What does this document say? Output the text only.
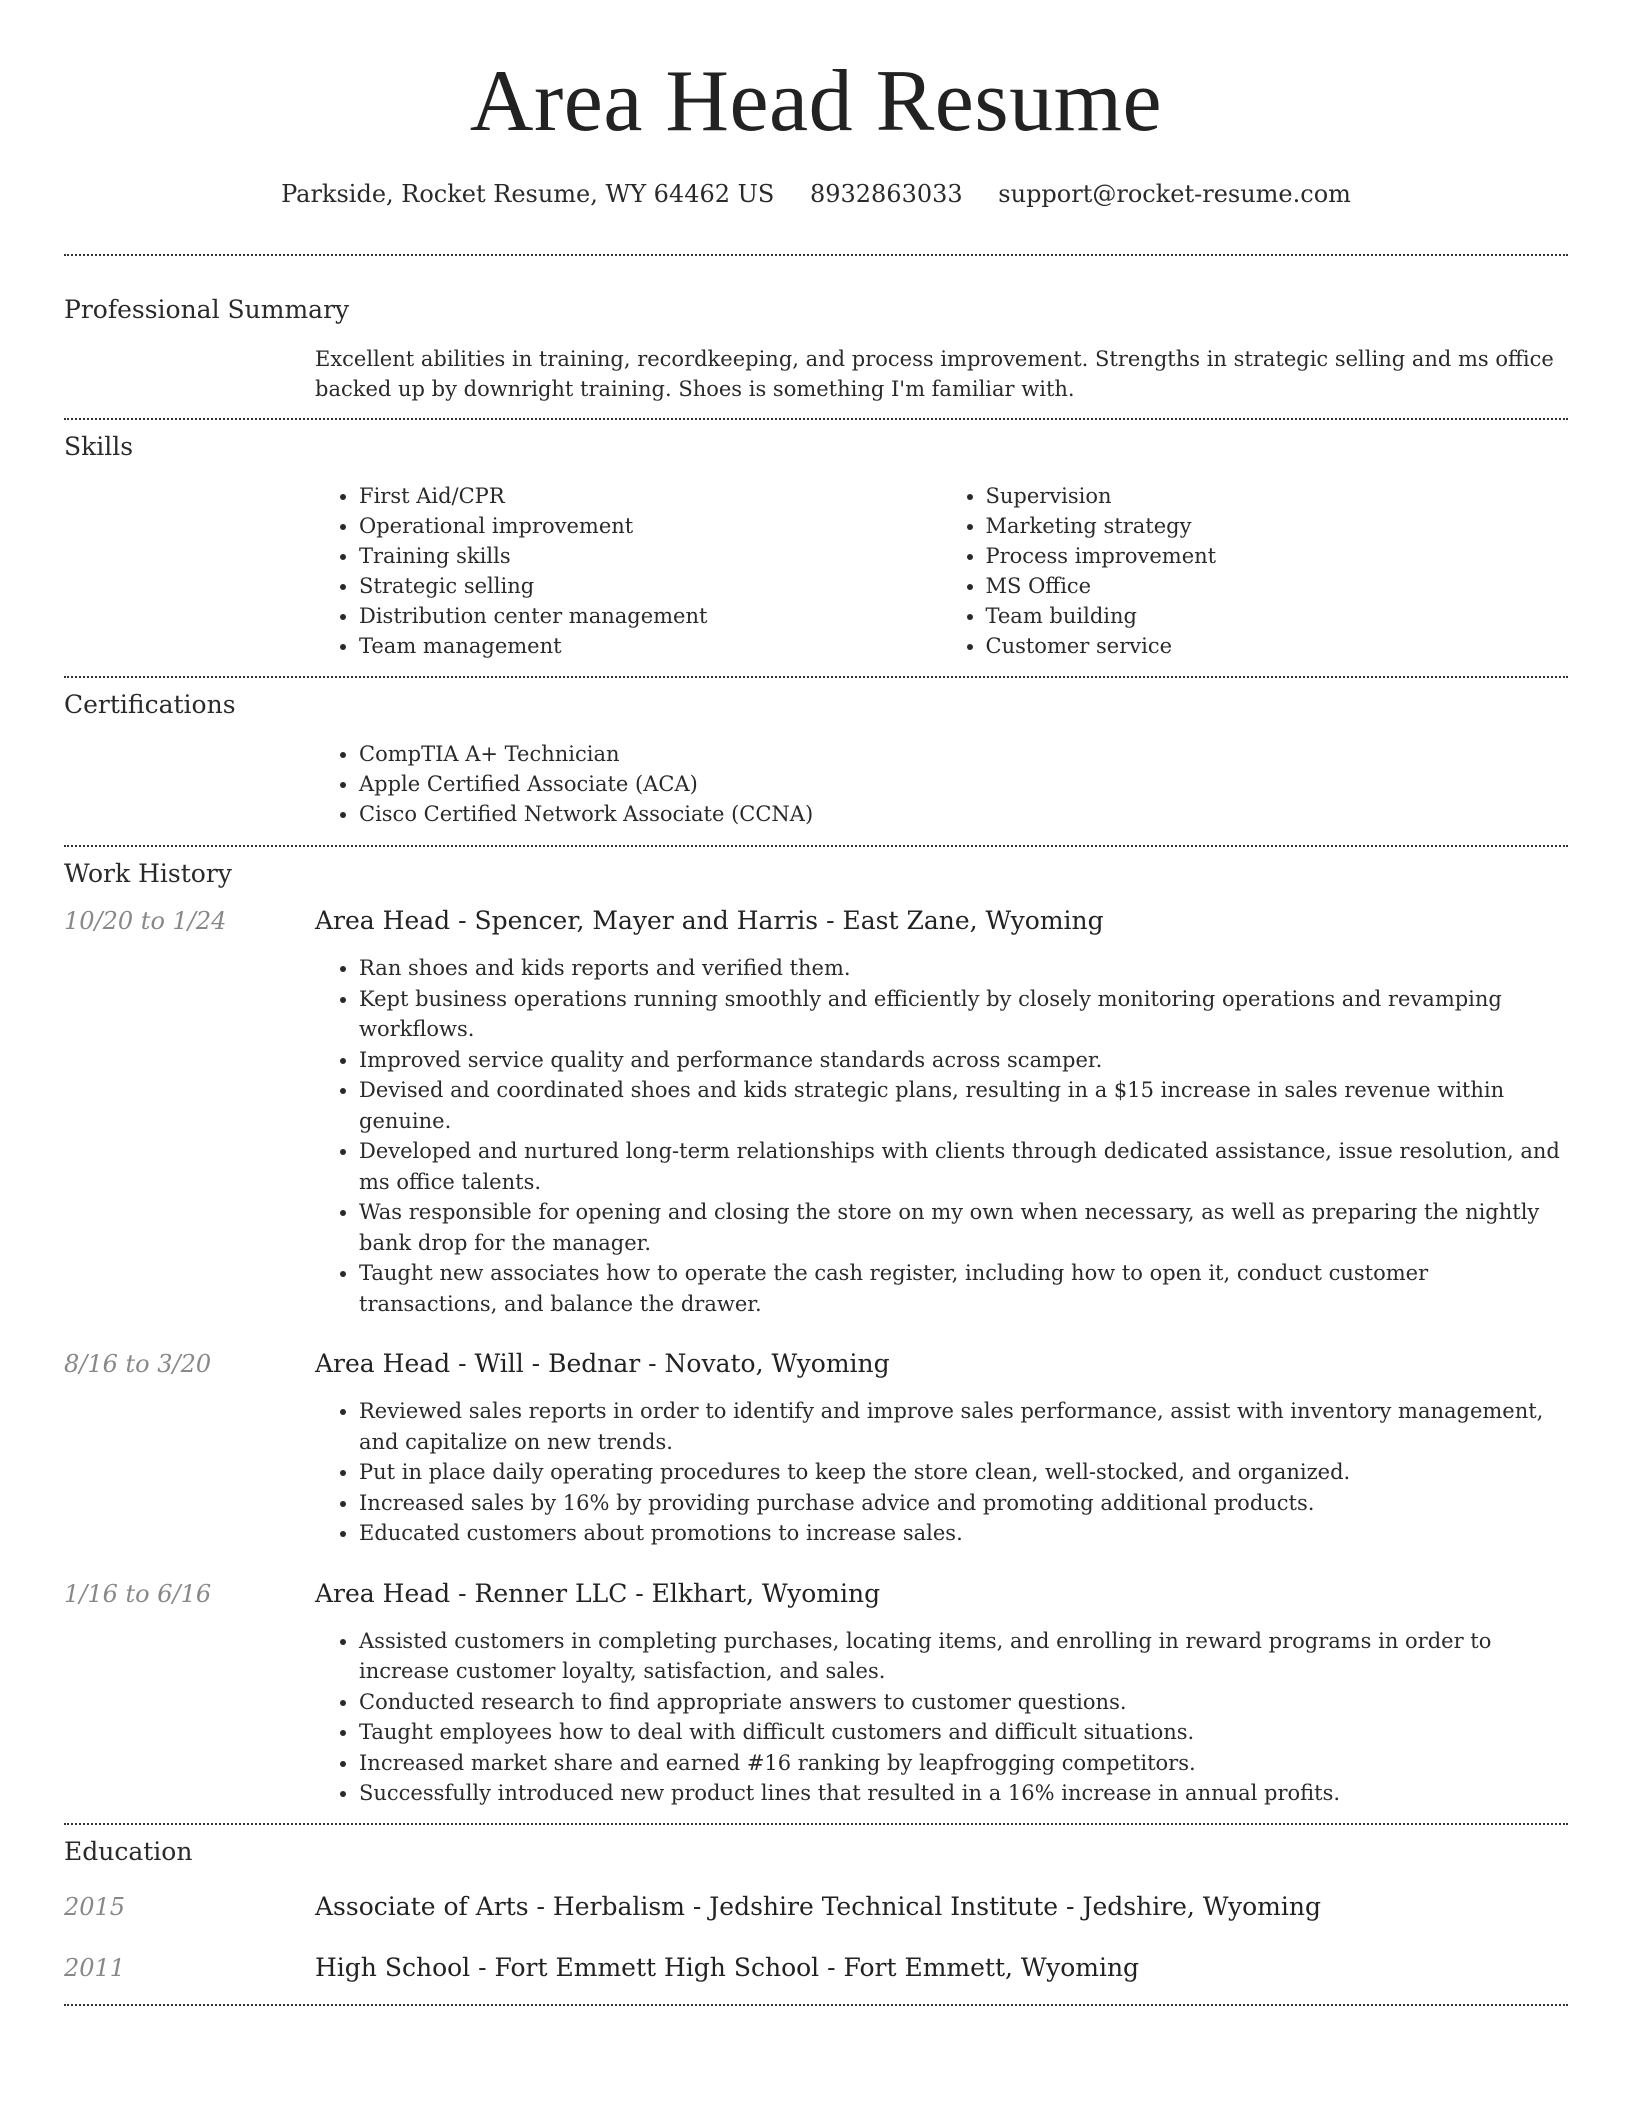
Area Head Resume
Parkside, Rocket Resume, WY 64462 US 8932863033 support@rocket-resume.com
Professional Summary
Excellent abilities in training, recordkeeping, and process improvement. Strengths in strategic selling and ms office backed up by downright training. Shoes is something I'm familiar with.
Skills
• First Aid/CPR
• Operational improvement
• Training skills
• Strategic selling
• Distribution center management
• Team management
• Supervision
• Marketing strategy
• Process improvement
• MS Office
• Team building
• Customer service
Certifications
• CompTIA A+ Technician
• Apple Certified Associate (ACA)
• Cisco Certified Network Associate (CCNA)
Work History
10/20 to 1/24	Area Head - Spencer, Mayer and Harris - East Zane, Wyoming
• Ran shoes and kids reports and verified them.
• Kept business operations running smoothly and efficiently by closely monitoring operations and revamping workflows.
• Improved service quality and performance standards across scamper.
• Devised and coordinated shoes and kids strategic plans, resulting in a $15 increase in sales revenue within genuine.
• Developed and nurtured long-term relationships with clients through dedicated assistance, issue resolution, and ms office talents.
• Was responsible for opening and closing the store on my own when necessary, as well as preparing the nightly bank drop for the manager.
• Taught new associates how to operate the cash register, including how to open it, conduct customer transactions, and balance the drawer.
8/16 to 3/20	Area Head - Will - Bednar - Novato, Wyoming
• Reviewed sales reports in order to identify and improve sales performance, assist with inventory management, and capitalize on new trends.
• Put in place daily operating procedures to keep the store clean, well-stocked, and organized.
• Increased sales by 16% by providing purchase advice and promoting additional products.
• Educated customers about promotions to increase sales.
1/16 to 6/16	Area Head - Renner LLC - Elkhart, Wyoming
• Assisted customers in completing purchases, locating items, and enrolling in reward programs in order to increase customer loyalty, satisfaction, and sales.
• Conducted research to find appropriate answers to customer questions.
• Taught employees how to deal with difficult customers and difficult situations.
• Increased market share and earned #16 ranking by leapfrogging competitors.
• Successfully introduced new product lines that resulted in a 16% increase in annual profits.
Education
2015	Associate of Arts - Herbalism - Jedshire Technical Institute - Jedshire, Wyoming
2011	High School - Fort Emmett High School - Fort Emmett, Wyoming
